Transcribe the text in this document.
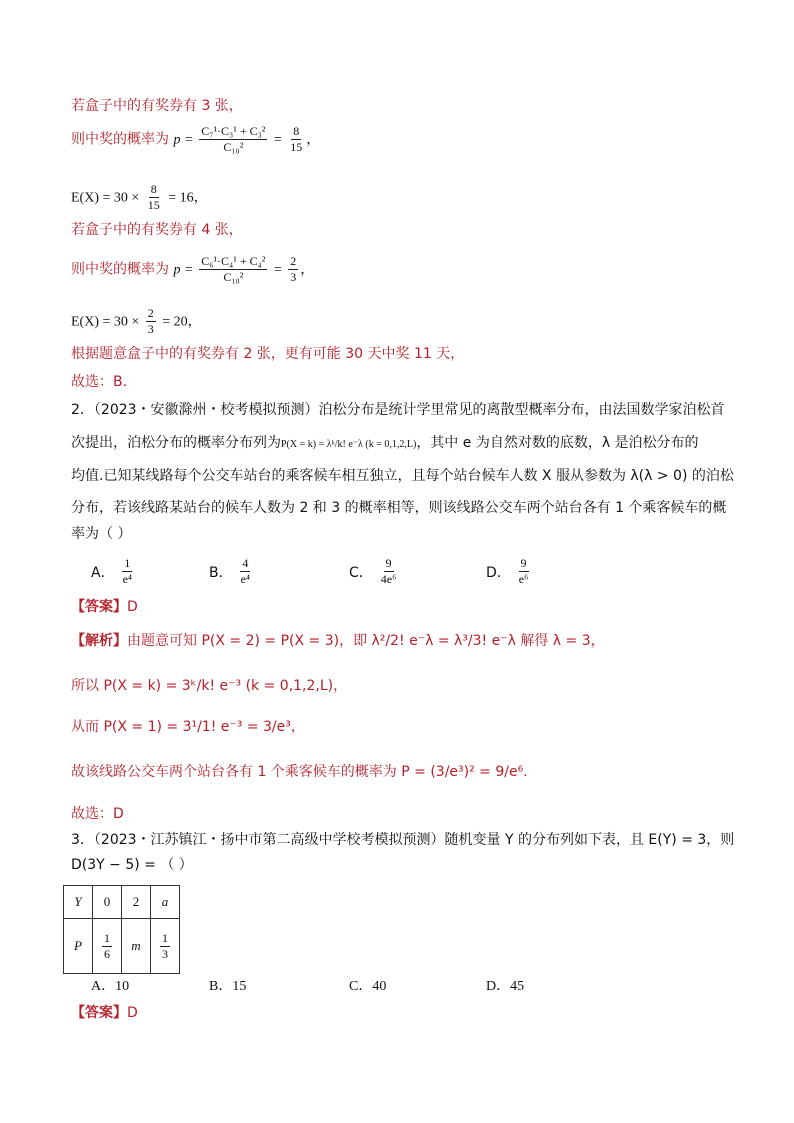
若盒子中的有奖券有 3 张，
则中奖的概率为 $p = \frac{\text{C₇¹·C₃¹ + C₃²}}{\text{C₁₀²}} = \frac{8}{15}$ ，
$E(X) = 30 \times \frac{8}{15} = 16$，
若盒子中的有奖券有 4 张，
则中奖的概率为 $p = \frac{\text{C₆¹·C₄¹ + C₄²}}{\text{C₁₀²}} = \frac{2}{3}$ ，
$E(X) = 30 \times \frac{2}{3} = 20$，
根据题意盒子中的有奖券有 2 张，更有可能 30 天中奖 11 天，
故选：B.
2．（2023・安徽滁州・校考模拟预测）泊松分布是统计学里常见的离散型概率分布，由法国数学家泊松首
次提出，泊松分布的概率分布列为P(X = k) = λᵏ/k! e⁻λ (k = 0,1,2,L)，其中 e 为自然对数的底数，λ 是泊松分布的
均值.已知某线路每个公交车站台的乘客候车相互独立，且每个站台候车人数 X 服从参数为 λ(λ > 0) 的泊松
分布，若该线路某站台的候车人数为 2 和 3 的概率相等，则该线路公交车两个站台各有 1 个乘客候车的概
率为（ ）
A． $\frac{1}{\text{e⁴}}$	B． $\frac{4}{\text{e⁴}}$	C． $\frac{9}{\text{4e⁶}}$	D． $\frac{9}{\text{e⁶}}$
【答案】D
【解析】由题意可知 P(X = 2) = P(X = 3)，即 λ²/2! e⁻λ = λ³/3! e⁻λ 解得 λ = 3，
所以 P(X = k) = 3ᵏ/k! e⁻³ (k = 0,1,2,L)，
从而 P(X = 1) = 3¹/1! e⁻³ = 3/e³，
故该线路公交车两个站台各有 1 个乘客候车的概率为 P = (3/e³)² = 9/e⁶.
故选：D
3．（2023・江苏镇江・扬中市第二高级中学校考模拟预测）随机变量 Y 的分布列如下表，且 E(Y) = 3，则
D(3Y − 5) = （ ）
Y	0	2	a
P	$\frac{1}{6}$	m	$\frac{1}{3}$
A．10	B．15	C．40	D．45
【答案】D
